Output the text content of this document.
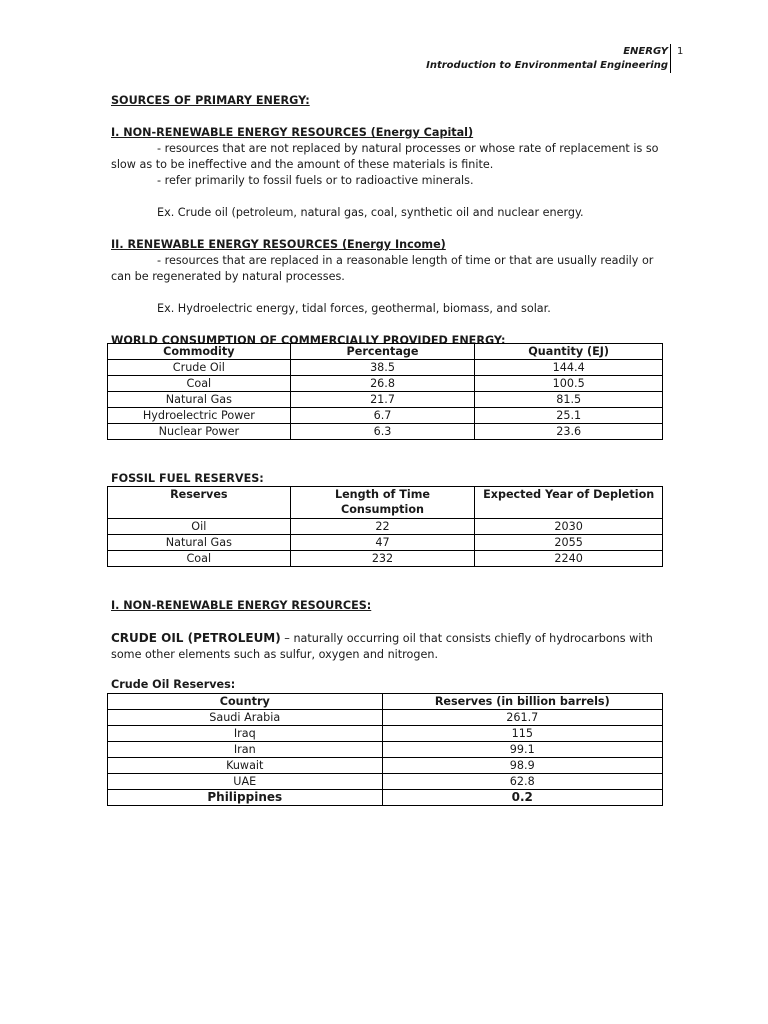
ENERGY
Introduction to Environmental Engineering
1

SOURCES OF PRIMARY ENERGY:

I. NON-RENEWABLE ENERGY RESOURCES (Energy Capital)

- resources that are not replaced by natural processes or whose rate of replacement is so slow as to be ineffective and the amount of these materials is finite.

- refer primarily to fossil fuels or to radioactive minerals.

Ex. Crude oil (petroleum, natural gas, coal, synthetic oil and nuclear energy.

II. RENEWABLE ENERGY RESOURCES (Energy Income)

- resources that are replaced in a reasonable length of time or that are usually readily or can be regenerated by natural processes.

Ex. Hydroelectric energy, tidal forces, geothermal, biomass, and solar.

WORLD CONSUMPTION OF COMMERCIALLY PROVIDED ENERGY:

Commodity	Percentage	Quantity (EJ)
Crude Oil	38.5	144.4
Coal	26.8	100.5
Natural Gas	21.7	81.5
Hydroelectric Power	6.7	25.1
Nuclear Power	6.3	23.6

FOSSIL FUEL RESERVES:

Reserves	Length of Time Consumption	Expected Year of Depletion
Oil	22	2030
Natural Gas	47	2055
Coal	232	2240

I. NON-RENEWABLE ENERGY RESOURCES:

CRUDE OIL (PETROLEUM) – naturally occurring oil that consists chiefly of hydrocarbons with some other elements such as sulfur, oxygen and nitrogen.

Crude Oil Reserves:

Country	Reserves (in billion barrels)
Saudi Arabia	261.7
Iraq	115
Iran	99.1
Kuwait	98.9
UAE	62.8
Philippines	0.2
